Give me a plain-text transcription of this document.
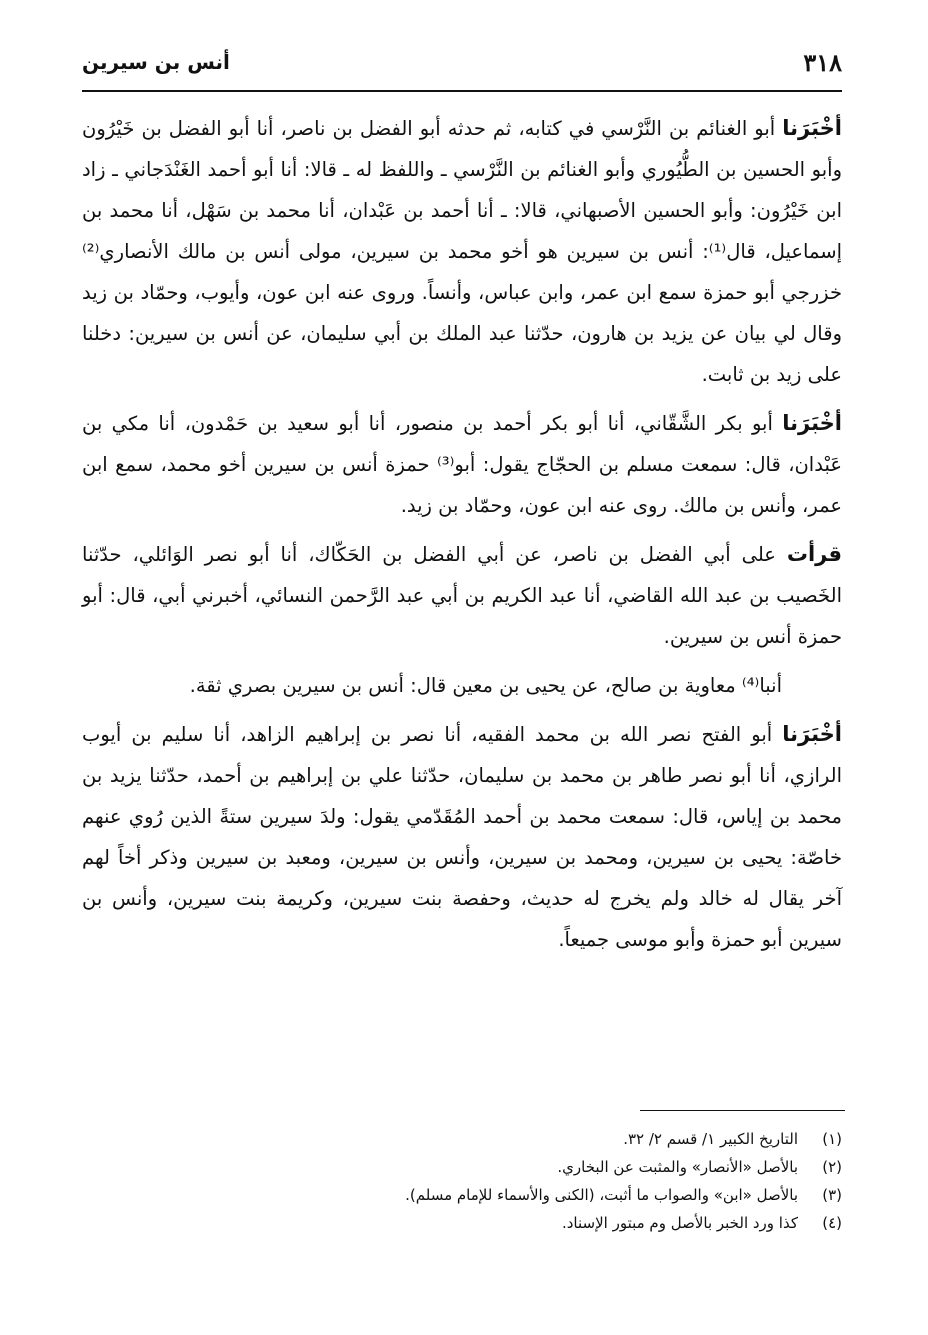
٣١٨
أنس بن سيرين

أخْبَرَنا أبو الغنائم بن النَّرْسي في كتابه، ثم حدثه أبو الفضل بن ناصر، أنا أبو الفضل بن خَيْرُون وأبو الحسين بن الطُّيُوري وأبو الغنائم بن النَّرْسي ـ واللفظ له ـ قالا: أنا أبو أحمد الغَنْدَجاني ـ زاد ابن خَيْرُون: وأبو الحسين الأصبهاني، قالا: ـ أنا أحمد بن عَبْدان، أنا محمد بن سَهْل، أنا محمد بن إسماعيل، قال⁽¹⁾: أنس بن سيرين هو أخو محمد بن سيرين، مولى أنس بن مالك الأنصاري⁽²⁾ خزرجي أبو حمزة سمع ابن عمر، وابن عباس، وأنساً. وروى عنه ابن عون، وأيوب، وحمّاد بن زيد وقال لي بيان عن يزيد بن هارون، حدّثنا عبد الملك بن أبي سليمان، عن أنس بن سيرين: دخلنا على زيد بن ثابت.

أخْبَرَنا أبو بكر الشَّقّاني، أنا أبو بكر أحمد بن منصور، أنا أبو سعيد بن حَمْدون، أنا مكي بن عَبْدان، قال: سمعت مسلم بن الحجّاج يقول: أبو⁽³⁾ حمزة أنس بن سيرين أخو محمد، سمع ابن عمر، وأنس بن مالك. روى عنه ابن عون، وحمّاد بن زيد.

قرأت على أبي الفضل بن ناصر، عن أبي الفضل بن الحَكّاك، أنا أبو نصر الوَائلي، حدّثنا الخَصيب بن عبد الله القاضي، أنا عبد الكريم بن أبي عبد الرَّحمن النسائي، أخبرني أبي، قال: أبو حمزة أنس بن سيرين.

أنبا⁽⁴⁾ معاوية بن صالح، عن يحيى بن معين قال: أنس بن سيرين بصري ثقة.

أخْبَرَنا أبو الفتح نصر الله بن محمد الفقيه، أنا نصر بن إبراهيم الزاهد، أنا سليم بن أيوب الرازي، أنا أبو نصر طاهر بن محمد بن سليمان، حدّثنا علي بن إبراهيم بن أحمد، حدّثنا يزيد بن محمد بن إياس، قال: سمعت محمد بن أحمد المُقَدّمي يقول: ولدَ سيرين ستةً الذين رُوي عنهم خاصّة: يحيى بن سيرين، ومحمد بن سيرين، وأنس بن سيرين، ومعبد بن سيرين وذكر أخاً لهم آخر يقال له خالد ولم يخرج له حديث، وحفصة بنت سيرين، وكريمة بنت سيرين، وأنس بن سيرين أبو حمزة وأبو موسى جميعاً.

(١)التاريخ الكبير ١/ قسم ٢/ ٣٢.
(٢)بالأصل «الأنصار» والمثبت عن البخاري.
(٣)بالأصل «ابن» والصواب ما أثبت، (الكنى والأسماء للإمام مسلم).
(٤)كذا ورد الخبر بالأصل وم مبتور الإسناد.
